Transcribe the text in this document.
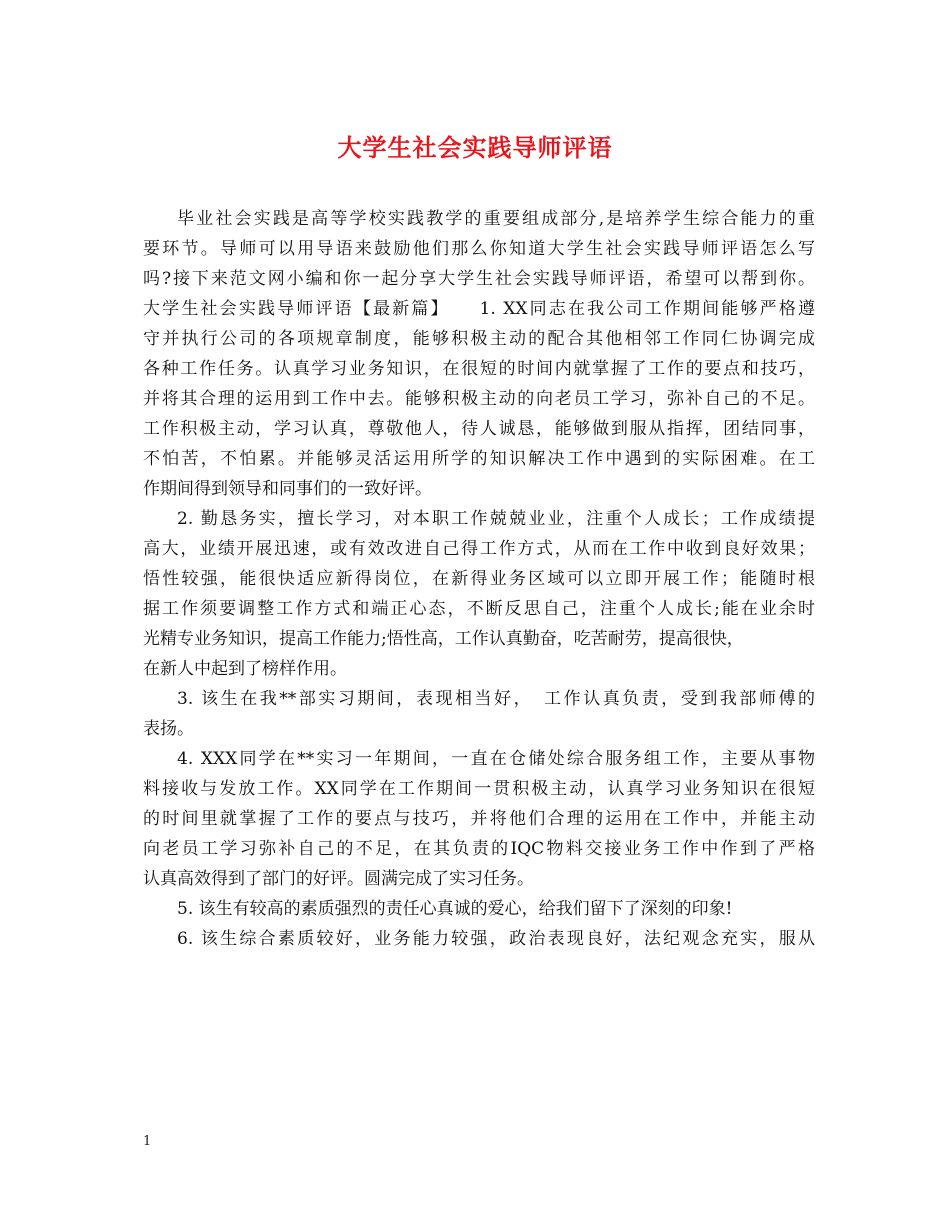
大学生社会实践导师评语
毕业社会实践是高等学校实践教学的重要组成部分,是培养学生综合能力的重
要环节。导师可以用导语来鼓励他们那么你知道大学生社会实践导师评语怎么写
吗?接下来范文网小编和你一起分享大学生社会实践导师评语，希望可以帮到你。
大学生社会实践导师评语【最新篇】　　1. XX同志在我公司工作期间能够严格遵
守并执行公司的各项规章制度，能够积极主动的配合其他相邻工作同仁协调完成
各种工作任务。认真学习业务知识，在很短的时间内就掌握了工作的要点和技巧，
并将其合理的运用到工作中去。能够积极主动的向老员工学习，弥补自己的不足。
工作积极主动，学习认真，尊敬他人，待人诚恳，能够做到服从指挥，团结同事，
不怕苦，不怕累。并能够灵活运用所学的知识解决工作中遇到的实际困难。在工
作期间得到领导和同事们的一致好评。
2. 勤恳务实，擅长学习，对本职工作兢兢业业，注重个人成长；工作成绩提
高大，业绩开展迅速，或有效改进自己得工作方式，从而在工作中收到良好效果；
悟性较强，能很快适应新得岗位，在新得业务区域可以立即开展工作；能随时根
据工作须要调整工作方式和端正心态，不断反思自己，注重个人成长;能在业余时
光精专业务知识，提高工作能力;悟性高，工作认真勤奋，吃苦耐劳，提高很快，
在新人中起到了榜样作用。
3. 该生在我**部实习期间，表现相当好，　工作认真负责，受到我部师傅的
表扬。
4. XXX同学在**实习一年期间，一直在仓储处综合服务组工作，主要从事物
料接收与发放工作。XX同学在工作期间一贯积极主动，认真学习业务知识在很短
的时间里就掌握了工作的要点与技巧，并将他们合理的运用在工作中，并能主动
向老员工学习弥补自己的不足，在其负责的IQC物料交接业务工作中作到了严格
认真高效得到了部门的好评。圆满完成了实习任务。
5. 该生有较高的素质强烈的责任心真诚的爱心，给我们留下了深刻的印象!
6. 该生综合素质较好，业务能力较强，政治表现良好，法纪观念充实，服从
1
